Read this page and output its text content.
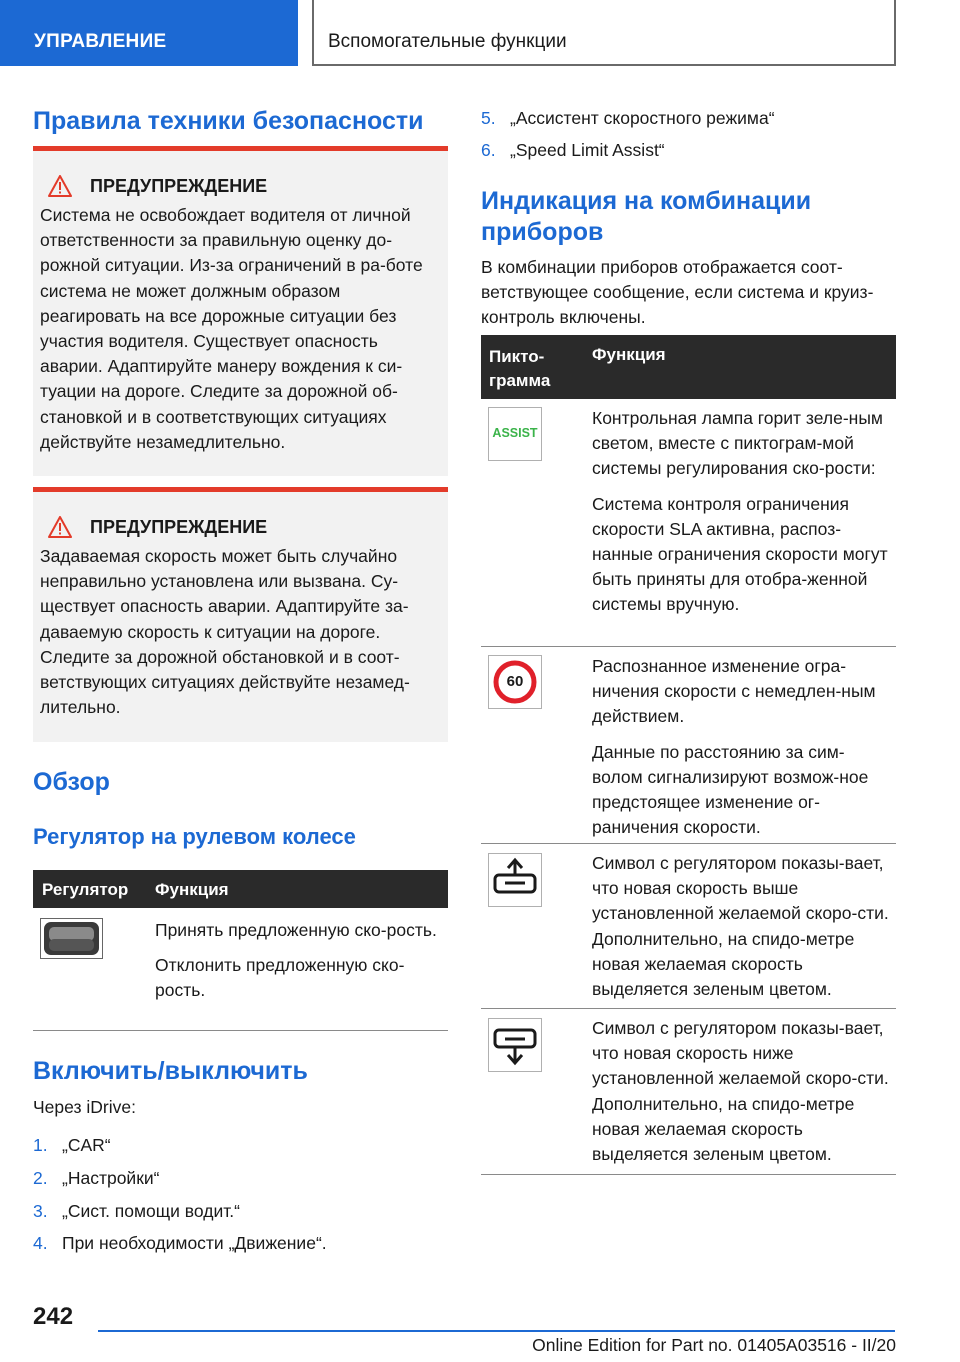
УПРАВЛЕНИЕ	Вспомогательные функции
Правила техники безопасности
ПРЕДУПРЕЖДЕНИЕ
Система не освобождает водителя от личной ответственности за правильную оценку до-рожной ситуации. Из-за ограничений в ра-боте система не может должным образом реагировать на все дорожные ситуации без участия водителя. Существует опасность аварии. Адаптируйте манеру вождения к си-туации на дороге. Следите за дорожной об-становкой и в соответствующих ситуациях действуйте незамедлительно.
ПРЕДУПРЕЖДЕНИЕ
Задаваемая скорость может быть случайно неправильно установлена или вызвана. Су-ществует опасность аварии. Адаптируйте за-даваемую скорость к ситуации на дороге. Следите за дорожной обстановкой и в соот-ветствующих ситуациях действуйте незамед-лительно.
Обзор
Регулятор на рулевом колесе
Регулятор Функция

Принять предложенную ско-рость.

Отклонить предложенную ско-рость.

Включить/выключить
Через iDrive:
1. „CAR“
2. „Настройки“
3. „Сист. помощи водит.“
4. При необходимости „Движение“.
5. „Ассистент скоростного режима“
6. „Speed Limit Assist“
Индикация на комбинации приборов
В комбинации приборов отображается соот-ветствующее сообщение, если система и круиз-контроль включены.
Пикто-грамма
Функция
ASSIST

Контрольная лампа горит зеле-ным светом, вместе с пиктограм-мой системы регулирования ско-рости:

Система контроля ограничения скорости SLA активна, распоз-нанные ограничения скорости могут быть приняты для отобра-женной системы вручную.

60

Распознанное изменение огра-ничения скорости с немедлен-ным действием.

Данные по расстоянию за сим-волом сигнализируют возмож-ное предстоящее изменение ог-раничения скорости.

Символ с регулятором показы-вает, что новая скорость выше установленной желаемой скоро-сти. Дополнительно, на спидо-метре новая желаемая скорость выделяется зеленым цветом.

Символ с регулятором показы-вает, что новая скорость ниже установленной желаемой скоро-сти. Дополнительно, на спидо-метре новая желаемая скорость выделяется зеленым цветом.

242
Online Edition for Part no. 01405A03516 - II/20
